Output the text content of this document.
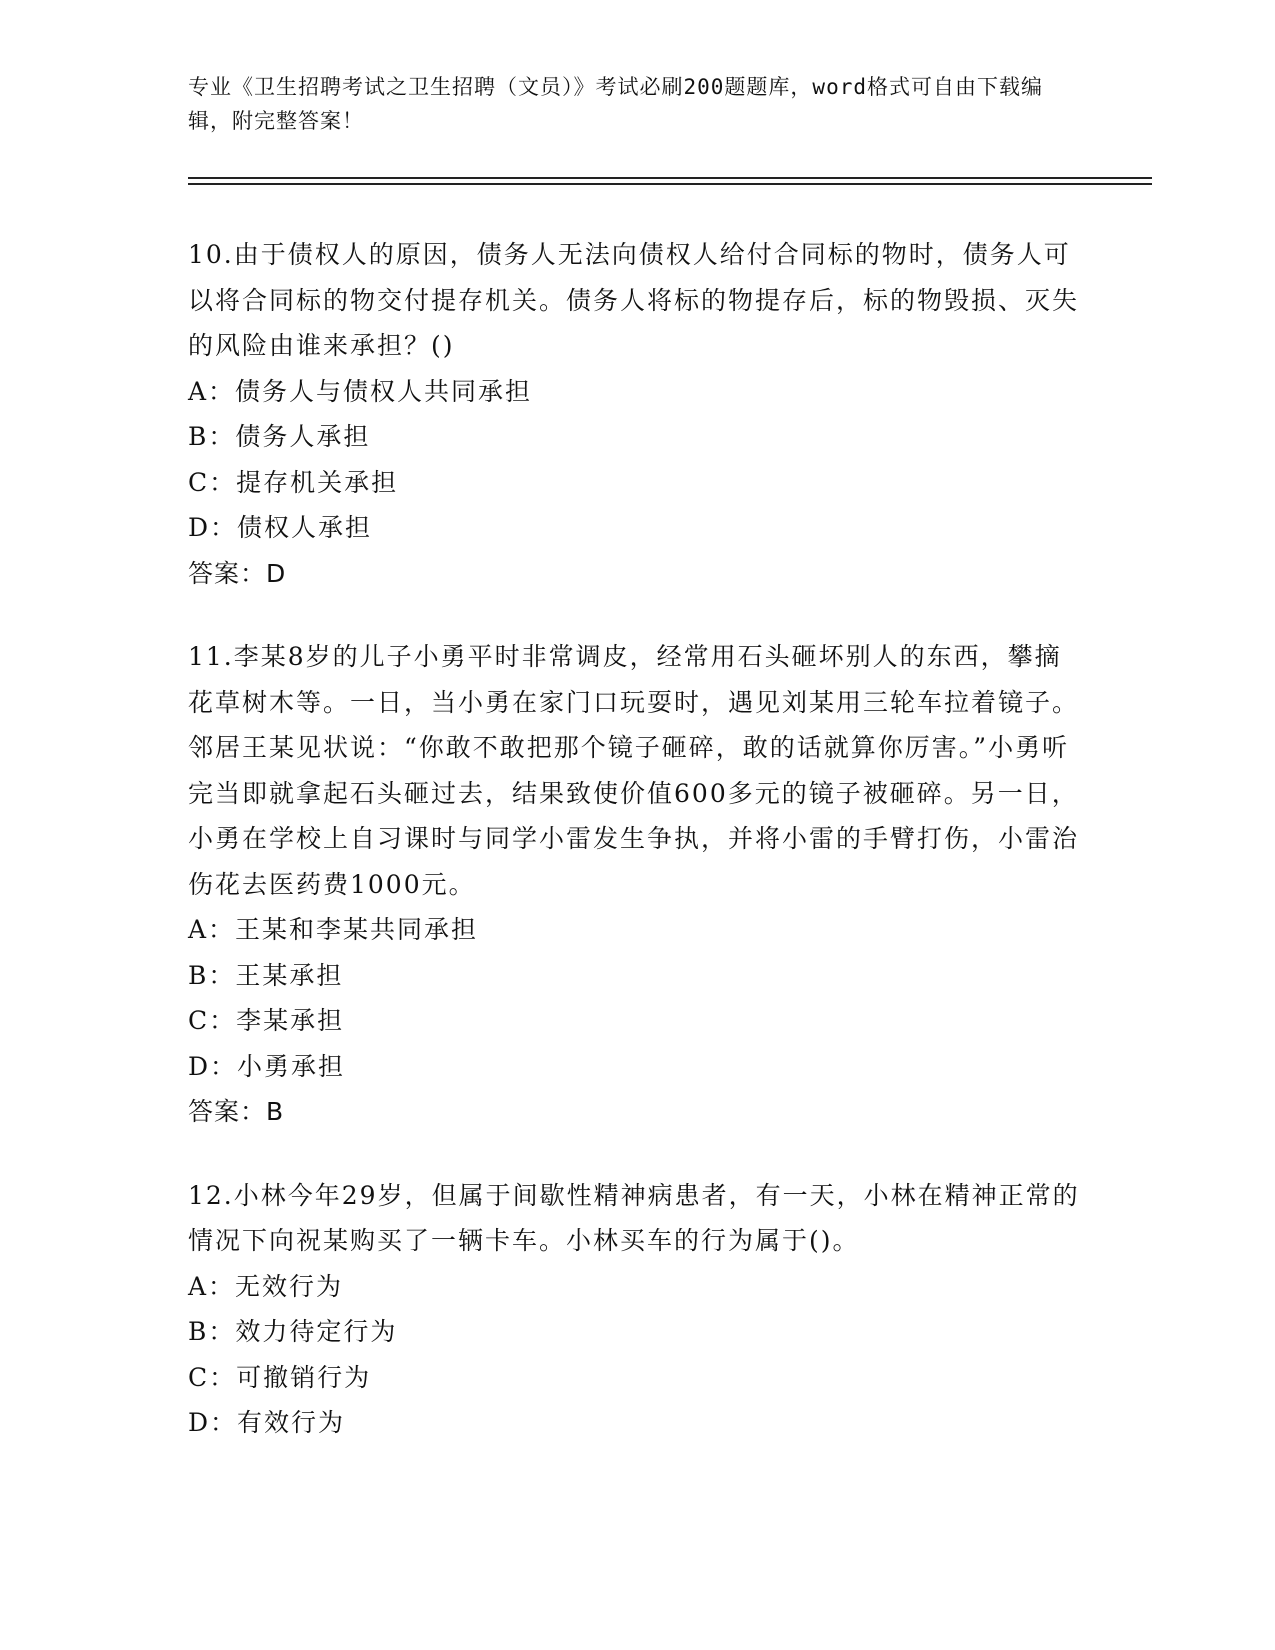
专业《卫生招聘考试之卫生招聘（文员）》考试必刷200题题库，word格式可自由下载编辑，附完整答案！

10.由于债权人的原因，债务人无法向债权人给付合同标的物时，债务人可以将合同标的物交付提存机关。债务人将标的物提存后，标的物毁损、灭失的风险由谁来承担？()

A：债务人与债权人共同承担

B：债务人承担

C：提存机关承担

D：债权人承担

答案：D

11.李某8岁的儿子小勇平时非常调皮，经常用石头砸坏别人的东西，攀摘花草树木等。一日，当小勇在家门口玩耍时，遇见刘某用三轮车拉着镜子。邻居王某见状说：“你敢不敢把那个镜子砸碎，敢的话就算你厉害。”小勇听完当即就拿起石头砸过去，结果致使价值600多元的镜子被砸碎。另一日，小勇在学校上自习课时与同学小雷发生争执，并将小雷的手臂打伤，小雷治伤花去医药费1000元。

A：王某和李某共同承担

B：王某承担

C：李某承担

D：小勇承担

答案：B

12.小林今年29岁，但属于间歇性精神病患者，有一天，小林在精神正常的情况下向祝某购买了一辆卡车。小林买车的行为属于()。

A：无效行为

B：效力待定行为

C：可撤销行为

D：有效行为
